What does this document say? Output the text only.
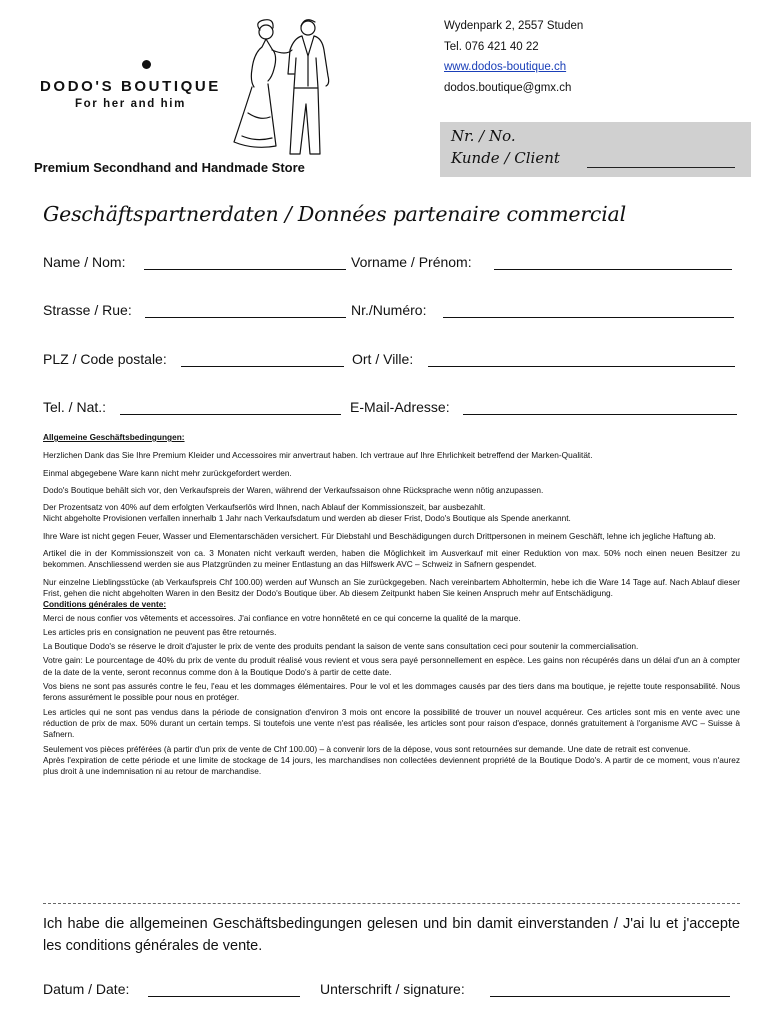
DODO'S BOUTIQUE
For her and him
Premium Secondhand and Handmade Store
Wydenpark 2, 2557 Studen
Tel. 076 421 40 22
www.dodos-boutique.ch
dodos.boutique@gmx.ch
Nr. / No.
Kunde / Client
Geschäftspartnerdaten / Données partenaire commercial
Name / Nom:	Vorname / Prénom:
Strasse / Rue:	Nr./Numéro:
PLZ / Code postale:	Ort / Ville:
Tel. / Nat.:	E-Mail-Adresse:

Allgemeine Geschäftsbedingungen:

Herzlichen Dank das Sie Ihre Premium Kleider und Accessoires mir anvertraut haben. Ich vertraue auf Ihre Ehrlichkeit betreffend der Marken-Qualität.

Einmal abgegebene Ware kann nicht mehr zurückgefordert werden.

Dodo's Boutique behält sich vor, den Verkaufspreis der Waren, während der Verkaufssaison ohne Rücksprache wenn nötig anzupassen.

Der Prozentsatz von 40% auf dem erfolgten Verkaufserlös wird Ihnen, nach Ablauf der Kommissionszeit, bar ausbezahlt.

Nicht abgeholte Provisionen verfallen innerhalb 1 Jahr nach Verkaufsdatum und werden ab dieser Frist, Dodo's Boutique als Spende anerkannt.

Ihre Ware ist nicht gegen Feuer, Wasser und Elementarschäden versichert. Für Diebstahl und Beschädigungen durch Drittpersonen in meinem Geschäft, lehne ich jegliche Haftung ab.

Artikel die in der Kommissionszeit von ca. 3 Monaten nicht verkauft werden, haben die Möglichkeit im Ausverkauf mit einer Reduktion von max. 50% noch einen neuen Besitzer zu bekommen. Anschliessend werden sie aus Platzgründen zu meiner Entlastung an das Hilfswerk AVC – Schweiz in Safnern gespendet.

Nur einzelne Lieblingsstücke (ab Verkaufspreis Chf 100.00) werden auf Wunsch an Sie zurückgegeben. Nach vereinbartem Abholtermin, hebe ich die Ware 14 Tage auf. Nach Ablauf dieser Frist, gehen die nicht abgeholten Waren in den Besitz der Dodo's Boutique über. Ab diesem Zeitpunkt haben Sie keinen Anspruch mehr auf Entschädigung.

Conditions générales de vente:

Merci de nous confier vos vêtements et accessoires. J'ai confiance en votre honnêteté en ce qui concerne la qualité de la marque.

Les articles pris en consignation ne peuvent pas être retournés.

La Boutique Dodo's se réserve le droit d'ajuster le prix de vente des produits pendant la saison de vente sans consultation ceci pour soutenir la commercialisation.

Votre gain: Le pourcentage de 40% du prix de vente du produit réalisé vous revient et vous sera payé personnellement en espèce. Les gains non récupérés dans un délai d'un an à compter de la date de la vente, seront reconnus comme don à la Boutique Dodo's à partir de cette date.

Vos biens ne sont pas assurés contre le feu, l'eau et les dommages élémentaires. Pour le vol et les dommages causés par des tiers dans ma boutique, je rejette toute responsabilité. Nous ferons assurément le possible pour nous en protéger.

Les articles qui ne sont pas vendus dans la période de consignation d'environ 3 mois ont encore la possibilité de trouver un nouvel acquéreur. Ces articles sont mis en vente avec une réduction de prix de max. 50% durant un certain temps. Si toutefois une vente n'est pas réalisée, les articles sont pour raison d'espace, donnés gratuitement à l'organisme AVC – Suisse à Safnern.

Seulement vos pièces préférées (à partir d'un prix de vente de Chf 100.00) – à convenir lors de la dépose, vous sont retournées sur demande. Une date de retrait est convenue.

Après l'expiration de cette période et une limite de stockage de 14 jours, les marchandises non collectées deviennent propriété de la Boutique Dodo's. A partir de ce moment, vous n'aurez plus droit à une indemnisation ni au retour de marchandise.

Ich habe die allgemeinen Geschäftsbedingungen gelesen und bin damit einverstanden / J'ai lu et j'accepte les conditions générales de vente.
Datum / Date:	Unterschrift / signature:
